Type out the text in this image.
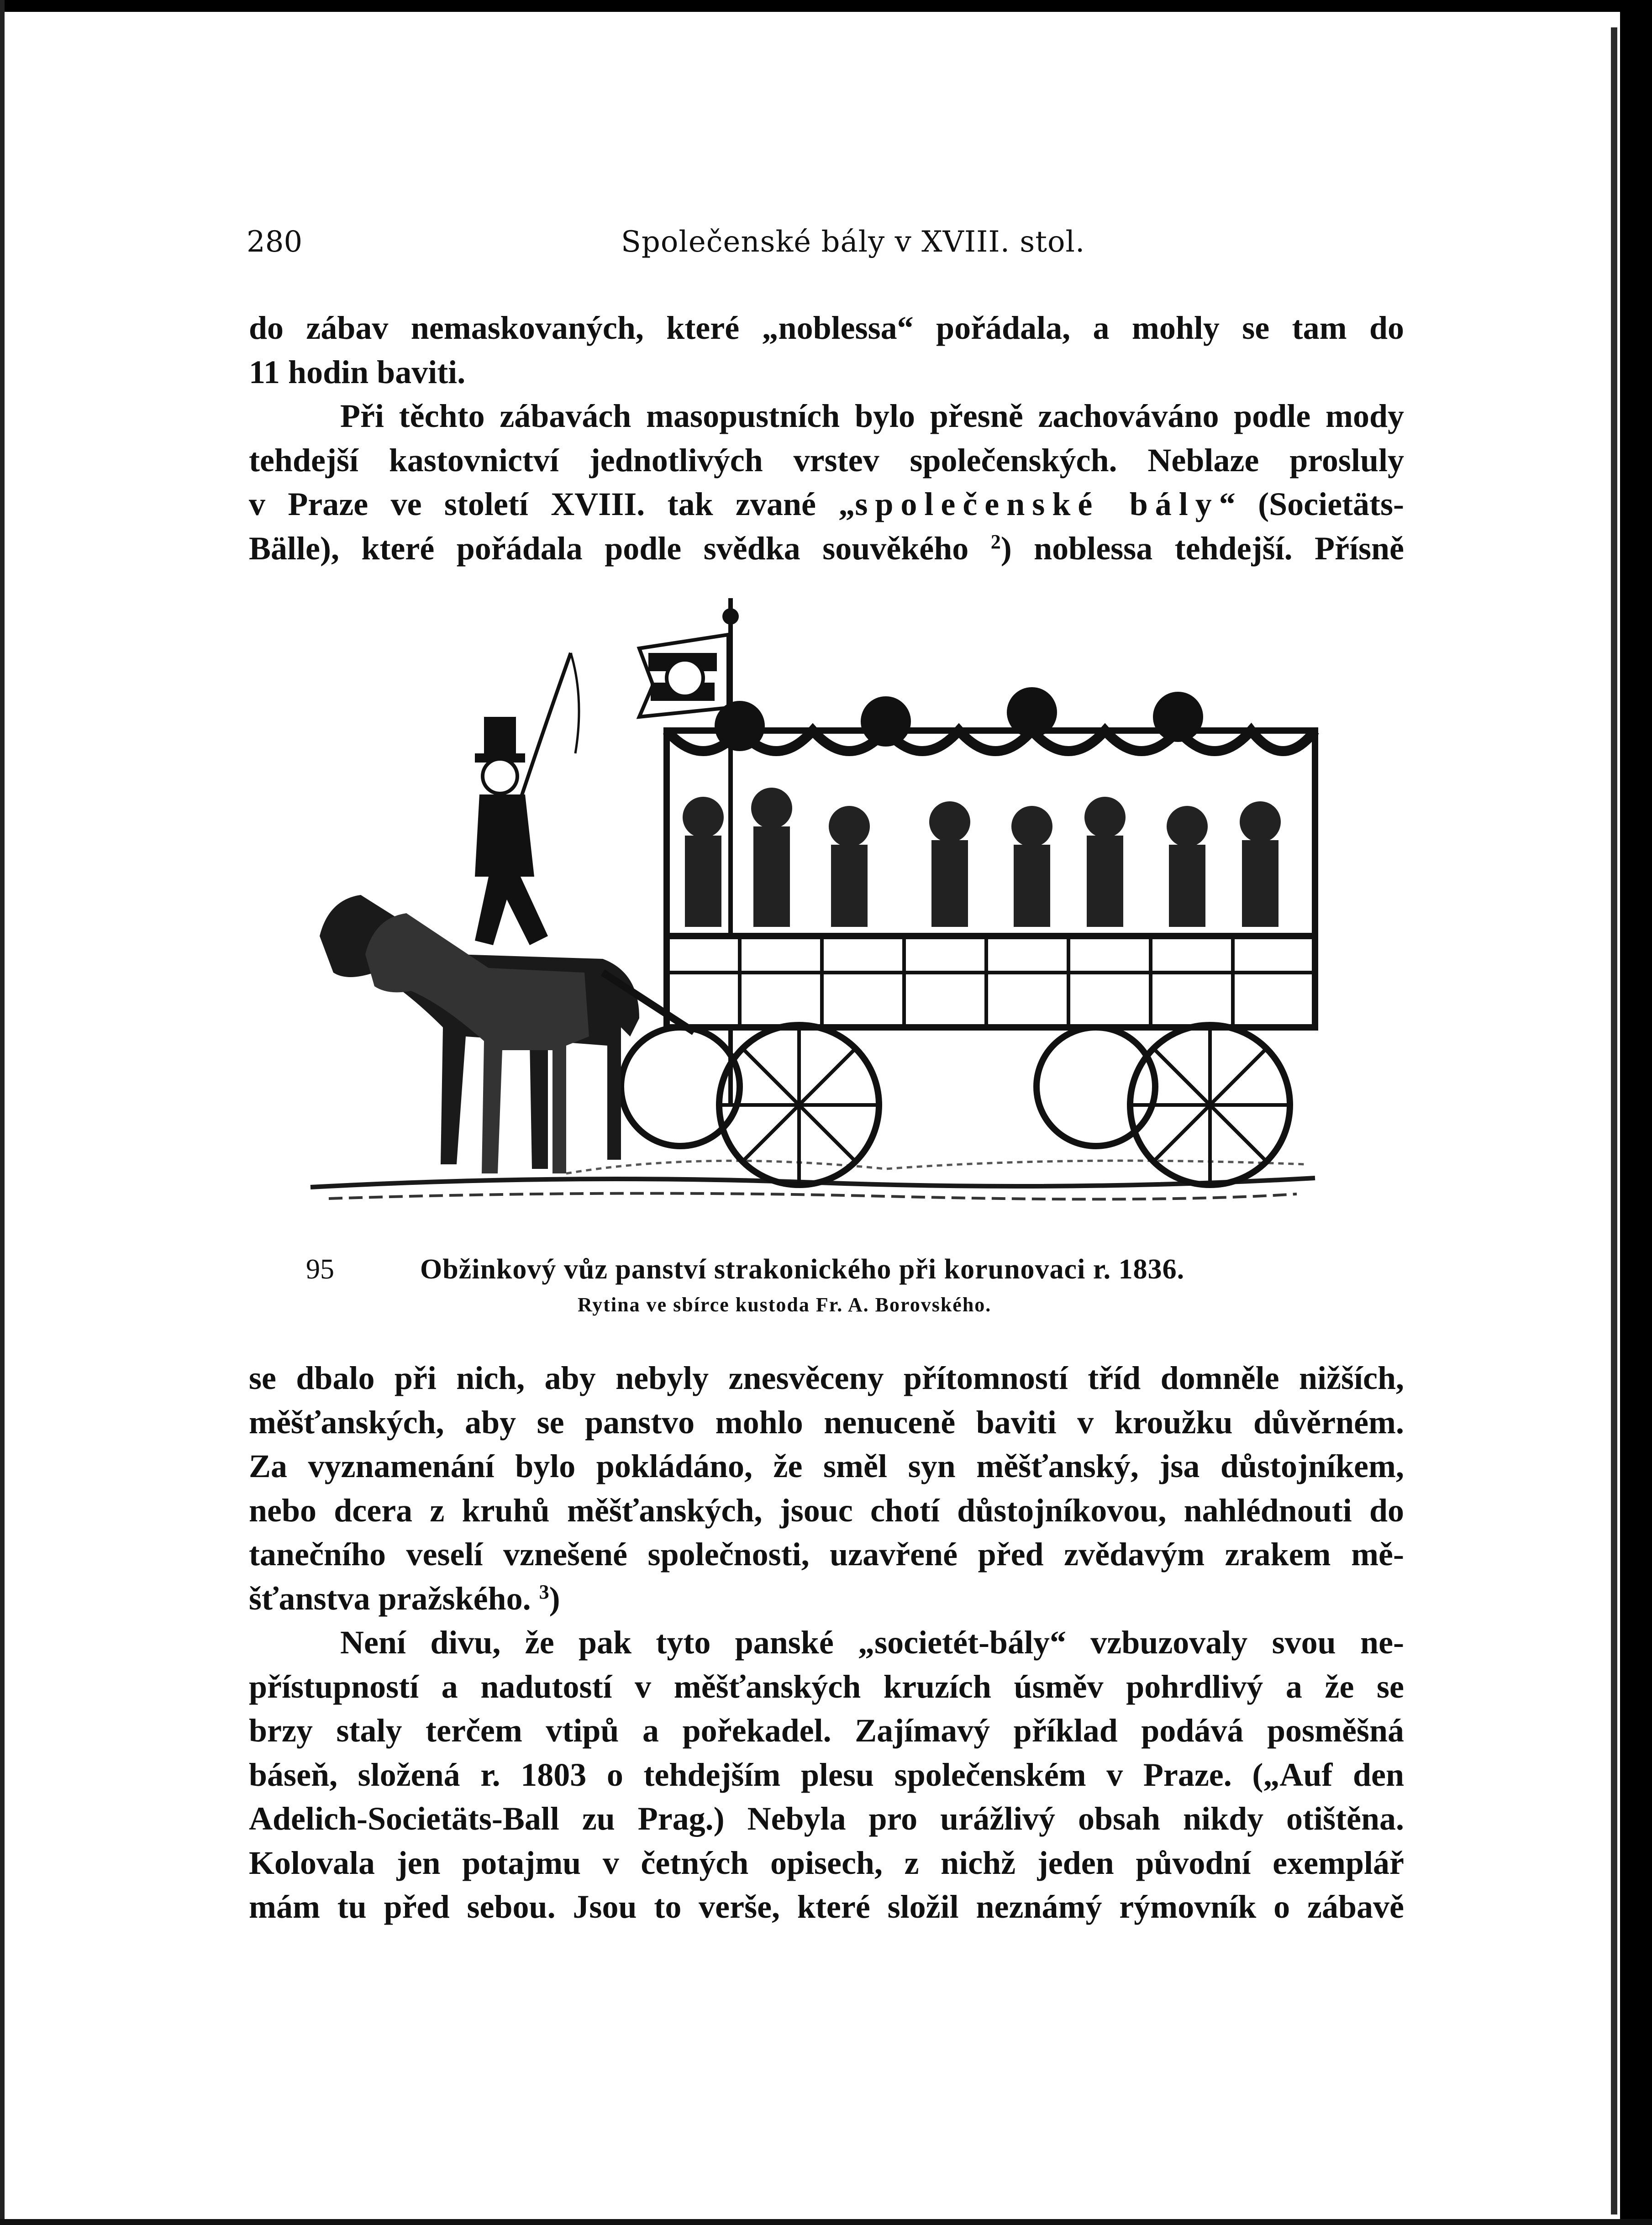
280	Společenské bály v XVIII. stol.

do zábav nemaskovaných, které „noblessa“ pořádala, a mohly se tam do

11 hodin baviti.

Při těchto zábavách masopustních bylo přesně zachováváno podle mody

tehdejší kastovnictví jednotlivých vrstev společenských. Neblaze prosluly

v Praze ve století XVIII. tak zvané „společenské bály“ (Societäts-

Bälle), které pořádala podle svědka souvěkého $^2$) noblessa tehdejší. Přísně

95	Obžinkový vůz panství strakonického při korunovaci r. 1836.
Rytina ve sbírce kustoda Fr. A. Borovského.

se dbalo při nich, aby nebyly znesvěceny přítomností tříd domněle nižších,

měšťanských, aby se panstvo mohlo nenuceně baviti v kroužku důvěrném.

Za vyznamenání bylo pokládáno, že směl syn měšťanský, jsa důstojníkem,

nebo dcera z kruhů měšťanských, jsouc chotí důstojníkovou, nahlédnouti do

tanečního veselí vznešené společnosti, uzavřené před zvědavým zrakem mě-

šťanstva pražského. $^3$)

Není divu, že pak tyto panské „societét-bály“ vzbuzovaly svou ne-

přístupností a nadutostí v měšťanských kruzích úsměv pohrdlivý a že se

brzy staly terčem vtipů a pořekadel. Zajímavý příklad podává posměšná

báseň, složená r. 1803 o tehdejším plesu společenském v Praze. („Auf den

Adelich-Societäts-Ball zu Prag.) Nebyla pro urážlivý obsah nikdy otištěna.

Kolovala jen potajmu v četných opisech, z nichž jeden původní exemplář

mám tu před sebou. Jsou to verše, které složil neznámý rýmovník o zábavě
